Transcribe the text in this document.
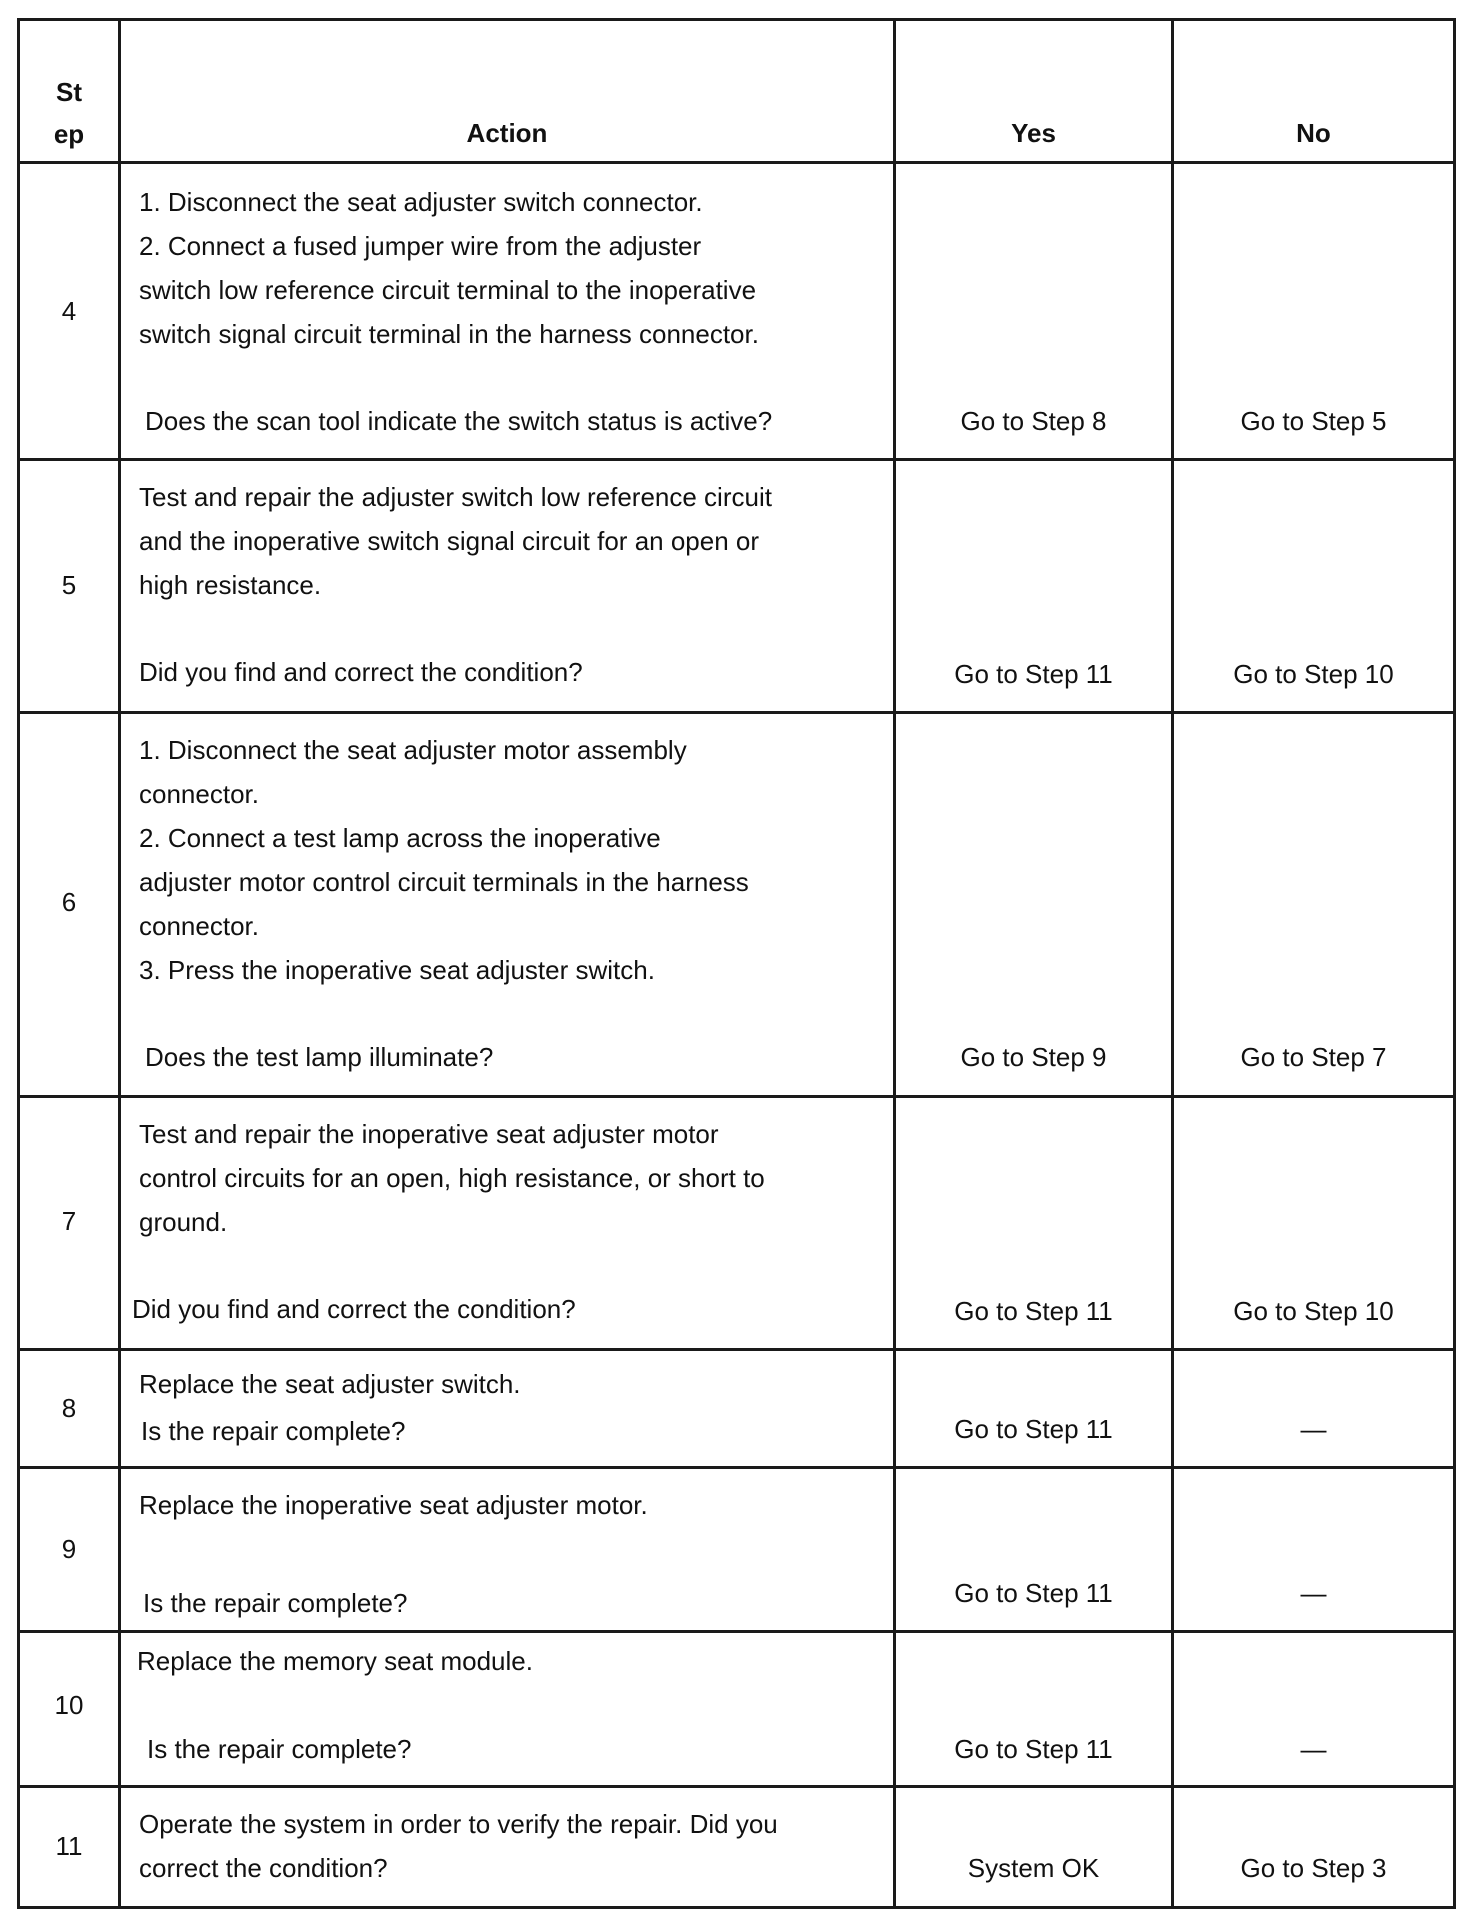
St
ep	Action	Yes	No
4
1. Disconnect the seat adjuster switch connector.
2. Connect a fused jumper wire from the adjuster
switch low reference circuit terminal to the inoperative
switch signal circuit terminal in the harness connector.
Does the scan tool indicate the switch status is active?	Go to Step 8	Go to Step 5
5
Test and repair the adjuster switch low reference circuit
and the inoperative switch signal circuit for an open or
high resistance.
Did you find and correct the condition?	Go to Step 11	Go to Step 10
6
1. Disconnect the seat adjuster motor assembly
connector.
2. Connect a test lamp across the inoperative
adjuster motor control circuit terminals in the harness
connector.
3. Press the inoperative seat adjuster switch.
Does the test lamp illuminate?	Go to Step 9	Go to Step 7
7
Test and repair the inoperative seat adjuster motor
control circuits for an open, high resistance, or short to
ground.
Did you find and correct the condition?	Go to Step 11	Go to Step 10
8
Replace the seat adjuster switch.
Is the repair complete?	Go to Step 11	—
9
Replace the inoperative seat adjuster motor.
Is the repair complete?	Go to Step 11	—
10
Replace the memory seat module.
Is the repair complete?	Go to Step 11	—
11
Operate the system in order to verify the repair. Did you
correct the condition?	System OK	Go to Step 3
